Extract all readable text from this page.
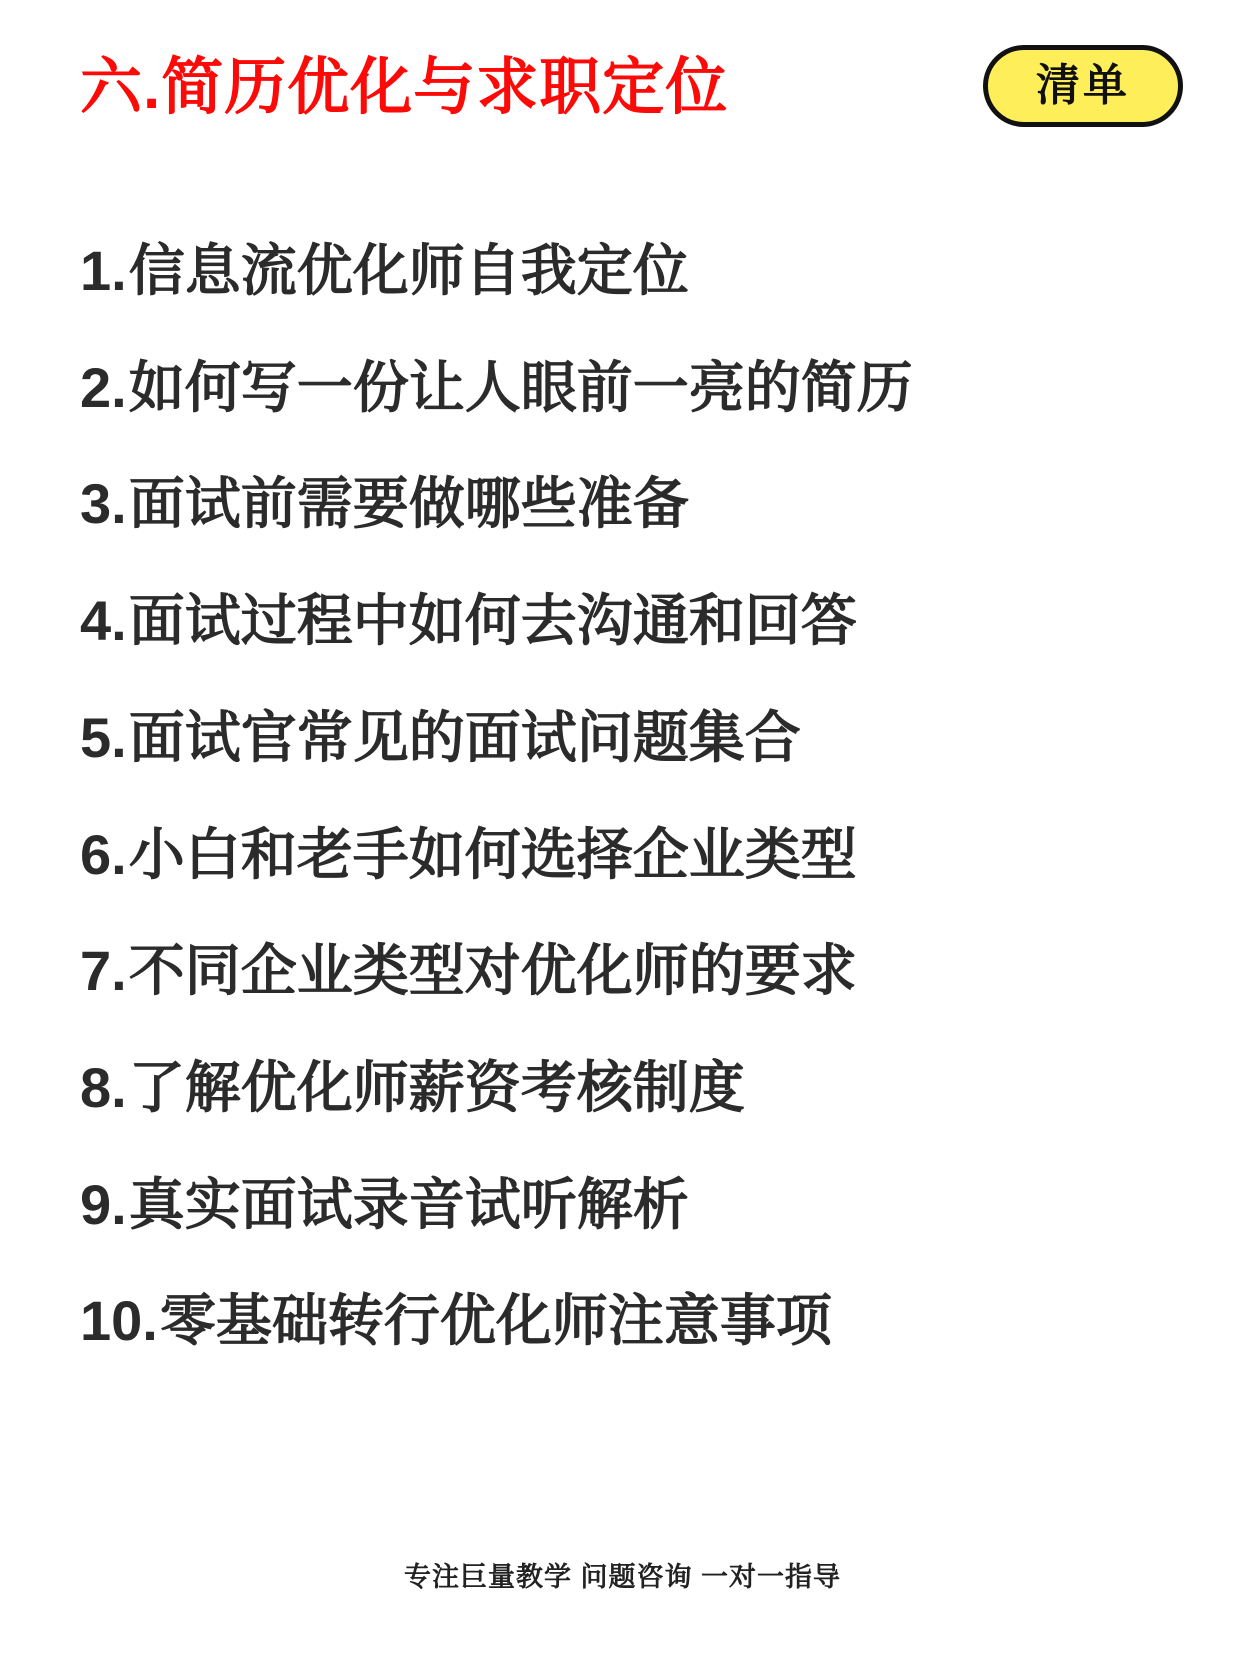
六.简历优化与求职定位	清单
1. 信息流优化师自我定位
2. 如何写一份让人眼前一亮的简历
3. 面试前需要做哪些准备
4. 面试过程中如何去沟通和回答
5. 面试官常见的面试问题集合
6. 小白和老手如何选择企业类型
7. 不同企业类型对优化师的要求
8. 了解优化师薪资考核制度
9. 真实面试录音试听解析
10. 零基础转行优化师注意事项
专注巨量教学 问题咨询 一对一指导
